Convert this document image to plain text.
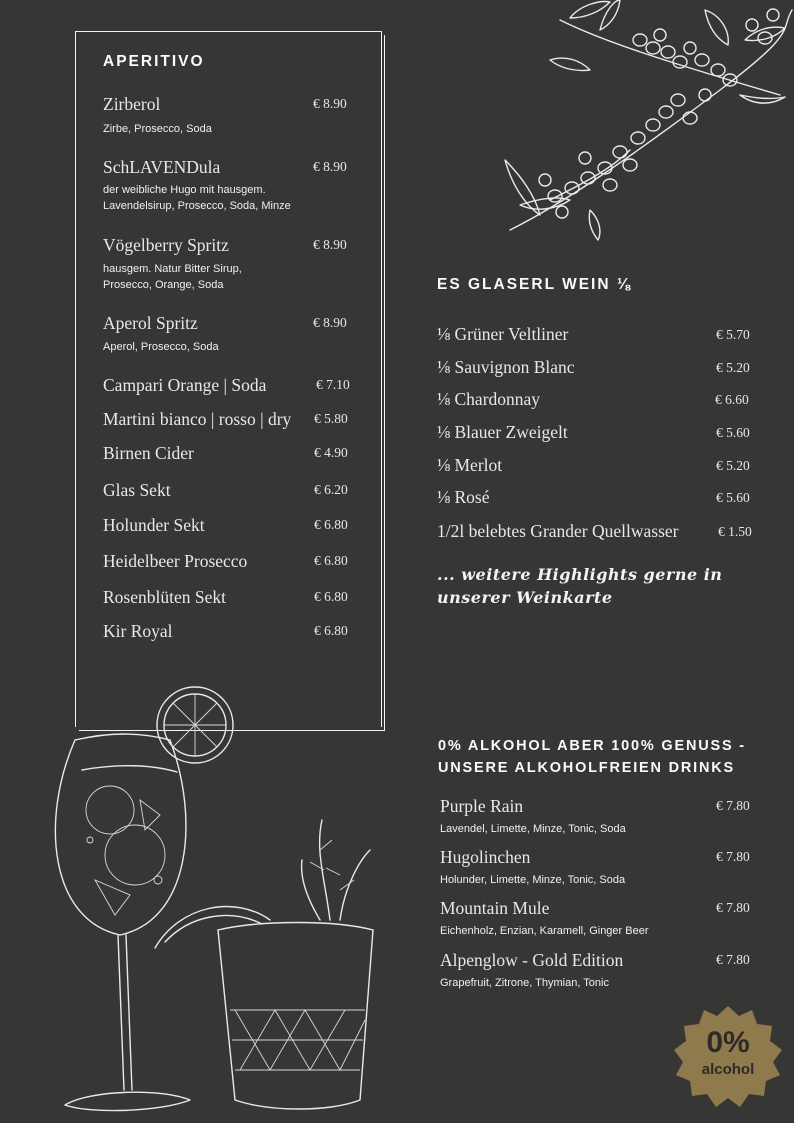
APERITIVO
Zirberol	€ 8.90
Zirbe, Prosecco, Soda
SchLAVENDula	€ 8.90
der weibliche Hugo mit hausgem. Lavendelsirup, Prosecco, Soda, Minze
Vögelberry Spritz	€ 8.90
hausgem. Natur Bitter Sirup, Prosecco, Orange, Soda
Aperol Spritz	€ 8.90
Aperol, Prosecco, Soda
Campari Orange | Soda	€ 7.10
Martini bianco | rosso | dry € 5.80
Birnen Cider	€ 4.90
Glas Sekt	€ 6.20
Holunder Sekt	€ 6.80
Heidelbeer Prosecco	€ 6.80
Rosenblüten Sekt	€ 6.80
Kir Royal	€ 6.80
ES GLASERL WEIN ⅛
⅛ Grüner Veltliner	€ 5.70
⅛ Sauvignon Blanc	€ 5.20
⅛ Chardonnay	€ 6.60
⅛ Blauer Zweigelt	€ 5.60
⅛ Merlot	€ 5.20
⅛ Rosé	€ 5.60
1/2l belebtes Grander Quellwasser	€ 1.50
... weitere Highlights gerne in
unserer Weinkarte
0% ALKOHOL ABER 100% GENUSS -
UNSERE ALKOHOLFREIEN DRINKS
Purple Rain	€ 7.80
Lavendel, Limette, Minze, Tonic, Soda
Hugolinchen	€ 7.80
Holunder, Limette, Minze, Tonic, Soda
Mountain Mule	€ 7.80
Eichenholz, Enzian, Karamell, Ginger Beer
Alpenglow - Gold Edition	€ 7.80
Grapefruit, Zitrone, Thymian, Tonic
0%
alcohol
